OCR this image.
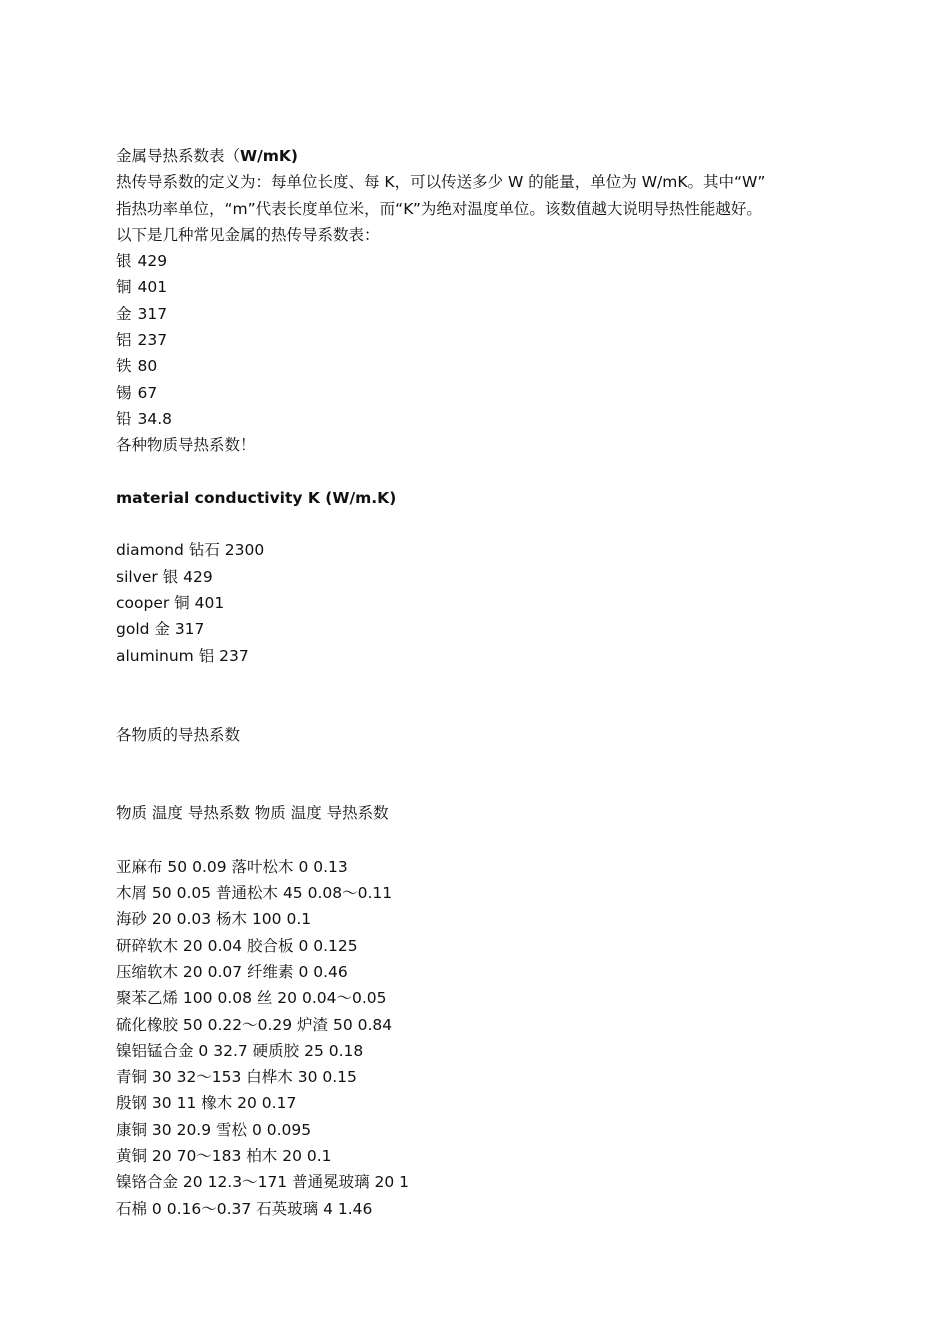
金属导热系数表（W/mK)
热传导系数的定义为：每单位长度、每 K，可以传送多少 W 的能量，单位为 W/mK。其中“W”
指热功率单位，“m”代表长度单位米，而“K”为绝对温度单位。该数值越大说明导热性能越好。
以下是几种常见金属的热传导系数表：
银 429
铜 401
金 317
铝 237
铁 80
锡 67
铅 34.8
各种物质导热系数！
material conductivity K (W/m.K)
diamond 钻石 2300
silver 银 429
cooper 铜 401
gold 金 317
aluminum 铝 237
各物质的导热系数
物质 温度 导热系数 物质 温度 导热系数
亚麻布 50 0.09 落叶松木 0 0.13
木屑 50 0.05 普通松木 45 0.08～0.11
海砂 20 0.03 杨木 100 0.1
研碎软木 20 0.04 胶合板 0 0.125
压缩软木 20 0.07 纤维素 0 0.46
聚苯乙烯 100 0.08 丝 20 0.04～0.05
硫化橡胶 50 0.22～0.29 炉渣 50 0.84
镍铝锰合金 0 32.7 硬质胶 25 0.18
青铜 30 32～153 白桦木 30 0.15
殷钢 30 11 橡木 20 0.17
康铜 30 20.9 雪松 0 0.095
黄铜 20 70～183 柏木 20 0.1
镍铬合金 20 12.3～171 普通冕玻璃 20 1
石棉 0 0.16～0.37 石英玻璃 4 1.46
